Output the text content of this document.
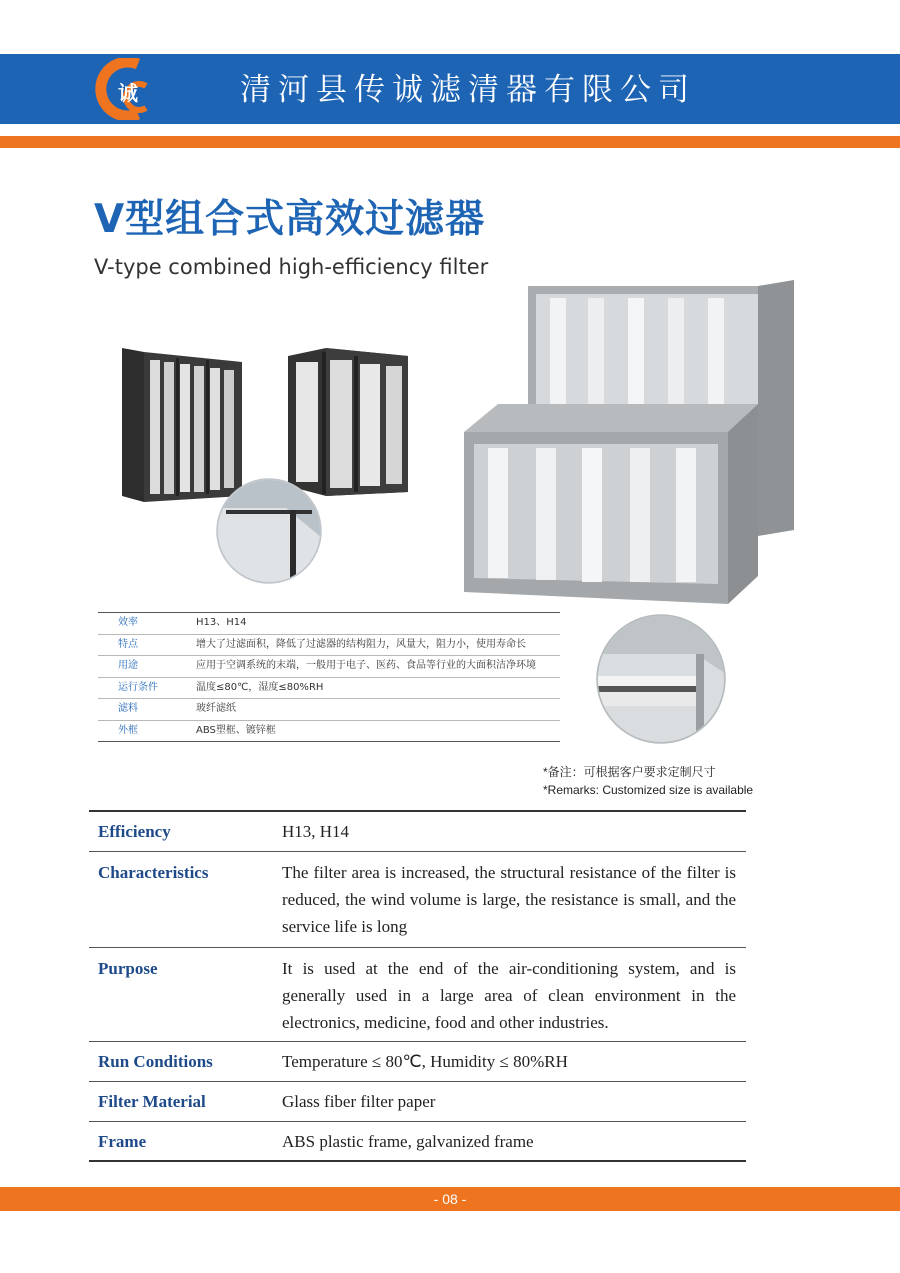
诚	清河县传诚滤清器有限公司
V型组合式高效过滤器
V-type combined high-efficiency filter
效率	H13、H14
特点	增大了过滤面积，降低了过滤器的结构阻力，风量大，阻力小，使用寿命长
用途	应用于空调系统的末端，一般用于电子、医药、食品等行业的大面积洁净环境
运行条件	温度≤80℃，湿度≤80%RH
滤料	玻纤滤纸
外框	ABS塑框、镀锌框
*备注：可根据客户要求定制尺寸
*Remarks: Customized size is available
Efficiency	H13, H14
Characteristics	The filter area is increased, the structural resistance of the filter is reduced, the wind volume is large, the resistance is small, and the service life is long
Purpose	It is used at the end of the air-conditioning system, and is generally used in a large area of clean environment in the electronics, medicine, food and other industries.
Run Conditions	Temperature ≤ 80℃, Humidity ≤ 80%RH
Filter Material	Glass fiber filter paper
Frame	ABS plastic frame, galvanized frame
- 08 -
